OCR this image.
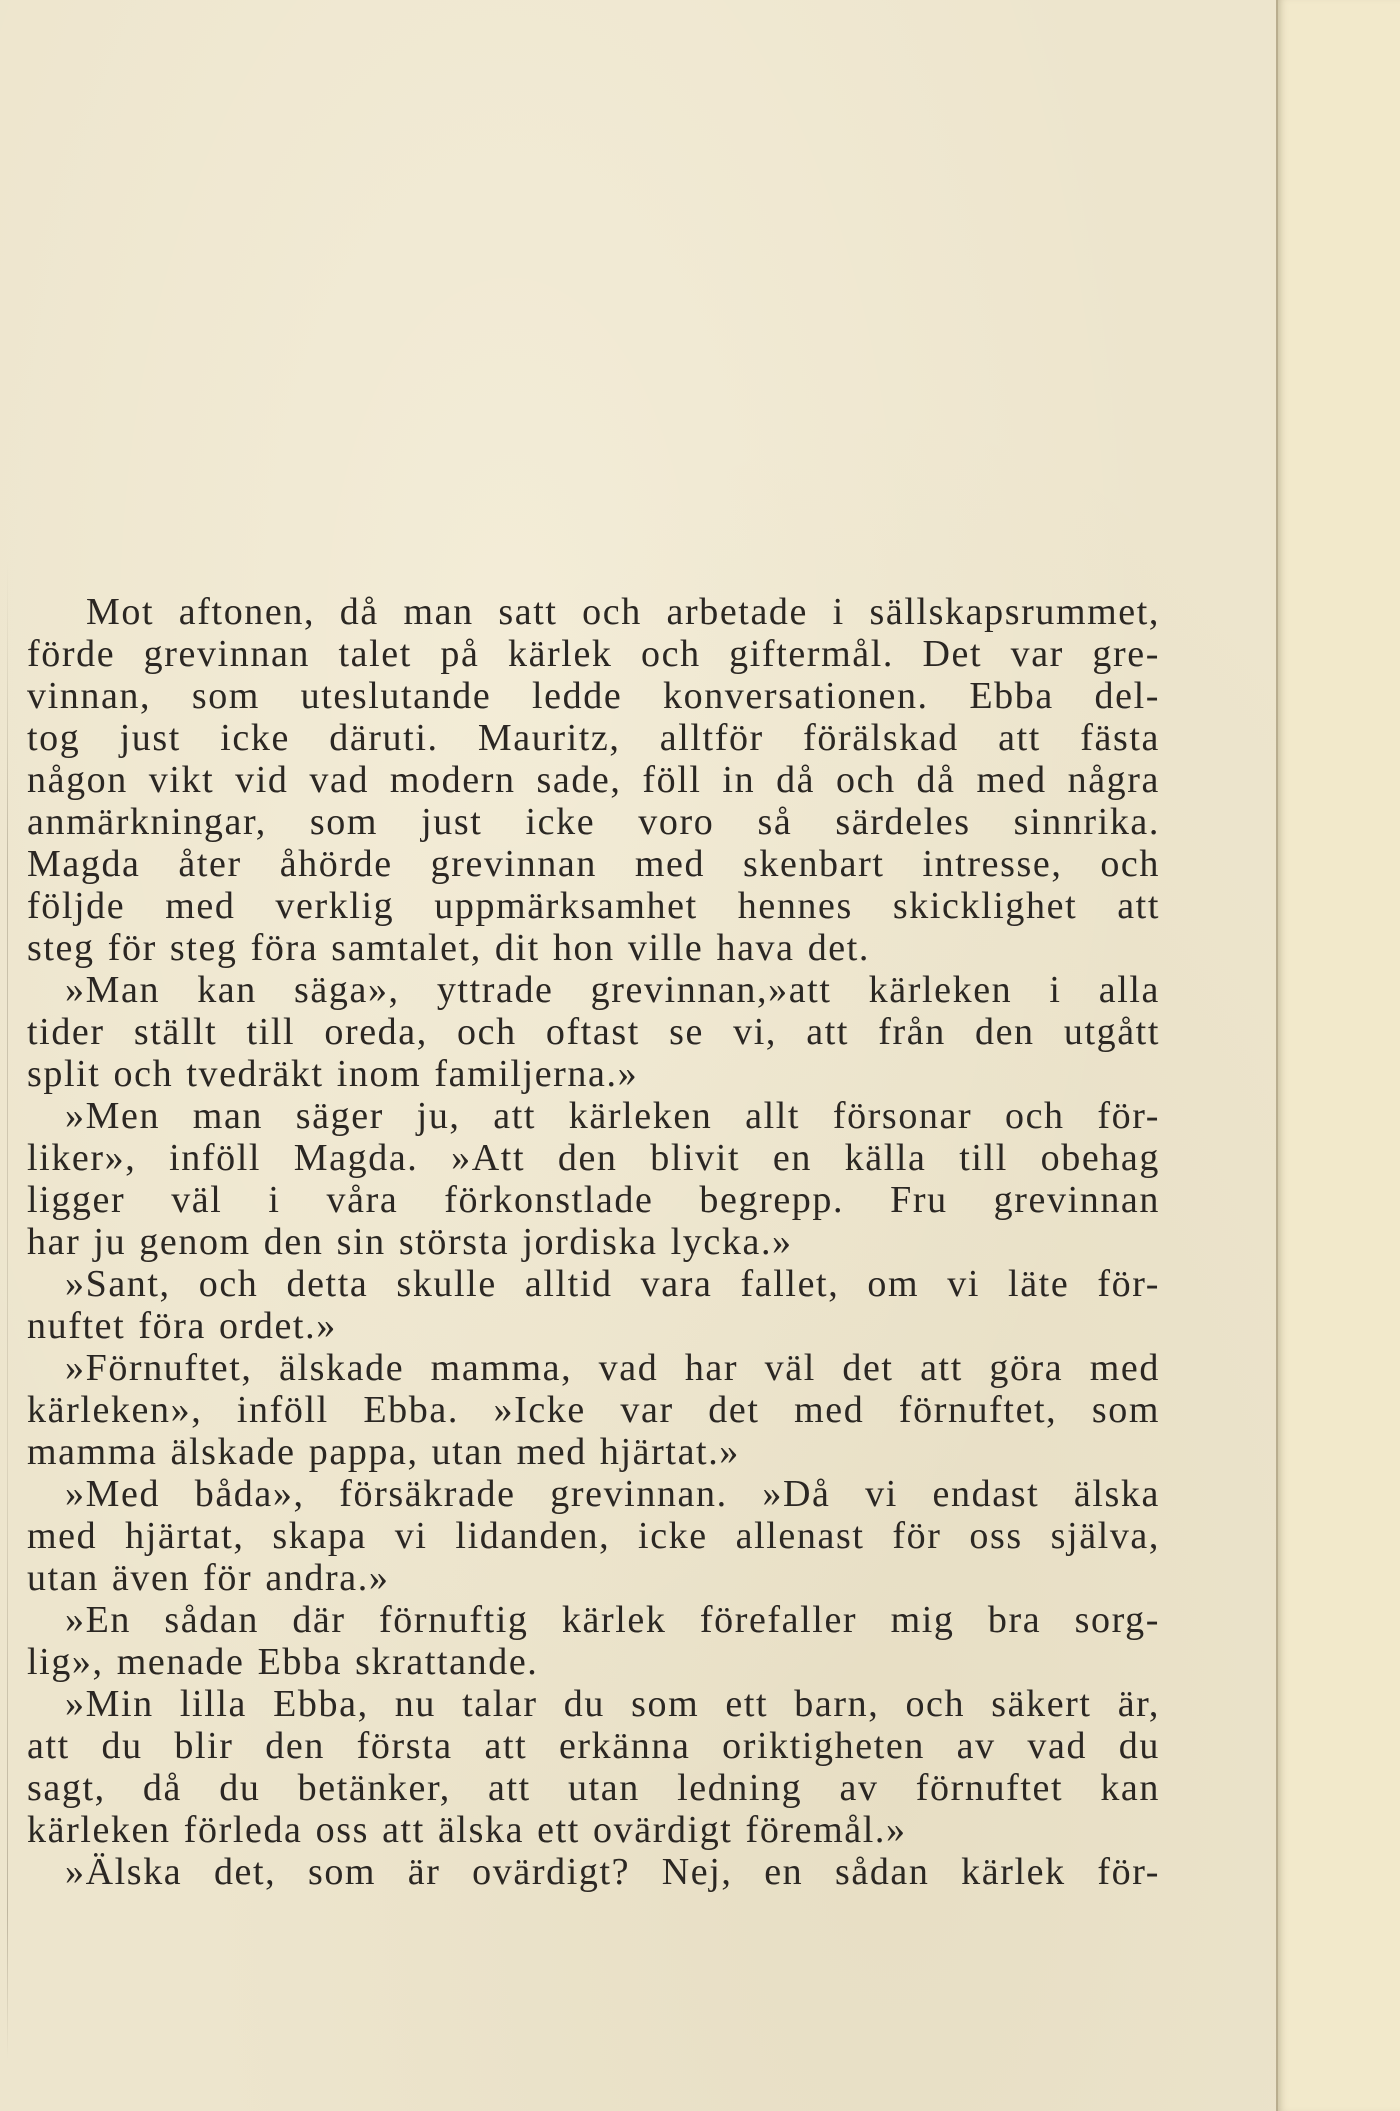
Mot aftonen, då man satt och arbetade i sällskapsrummet,
förde grevinnan talet på kärlek och giftermål. Det var gre-
vinnan, som uteslutande ledde konversationen. Ebba del-
tog just icke däruti. Mauritz, alltför förälskad att fästa
någon vikt vid vad modern sade, föll in då och då med några
anmärkningar, som just icke voro så särdeles sinnrika.
Magda åter åhörde grevinnan med skenbart intresse, och
följde med verklig uppmärksamhet hennes skicklighet att
steg för steg föra samtalet, dit hon ville hava det.
»Man kan säga», yttrade grevinnan,»att kärleken i alla
tider ställt till oreda, och oftast se vi, att från den utgått
split och tvedräkt inom familjerna.»
»Men man säger ju, att kärleken allt försonar och för-
liker», inföll Magda. »Att den blivit en källa till obehag
ligger väl i våra förkonstlade begrepp. Fru grevinnan
har ju genom den sin största jordiska lycka.»
»Sant, och detta skulle alltid vara fallet, om vi läte för-
nuftet föra ordet.»
»Förnuftet, älskade mamma, vad har väl det att göra med
kärleken», inföll Ebba. »Icke var det med förnuftet, som
mamma älskade pappa, utan med hjärtat.»
»Med båda», försäkrade grevinnan. »Då vi endast älska
med hjärtat, skapa vi lidanden, icke allenast för oss själva,
utan även för andra.»
»En sådan där förnuftig kärlek förefaller mig bra sorg-
lig», menade Ebba skrattande.
»Min lilla Ebba, nu talar du som ett barn, och säkert är,
att du blir den första att erkänna oriktigheten av vad du
sagt, då du betänker, att utan ledning av förnuftet kan
kärleken förleda oss att älska ett ovärdigt föremål.»
»Älska det, som är ovärdigt? Nej, en sådan kärlek för-
